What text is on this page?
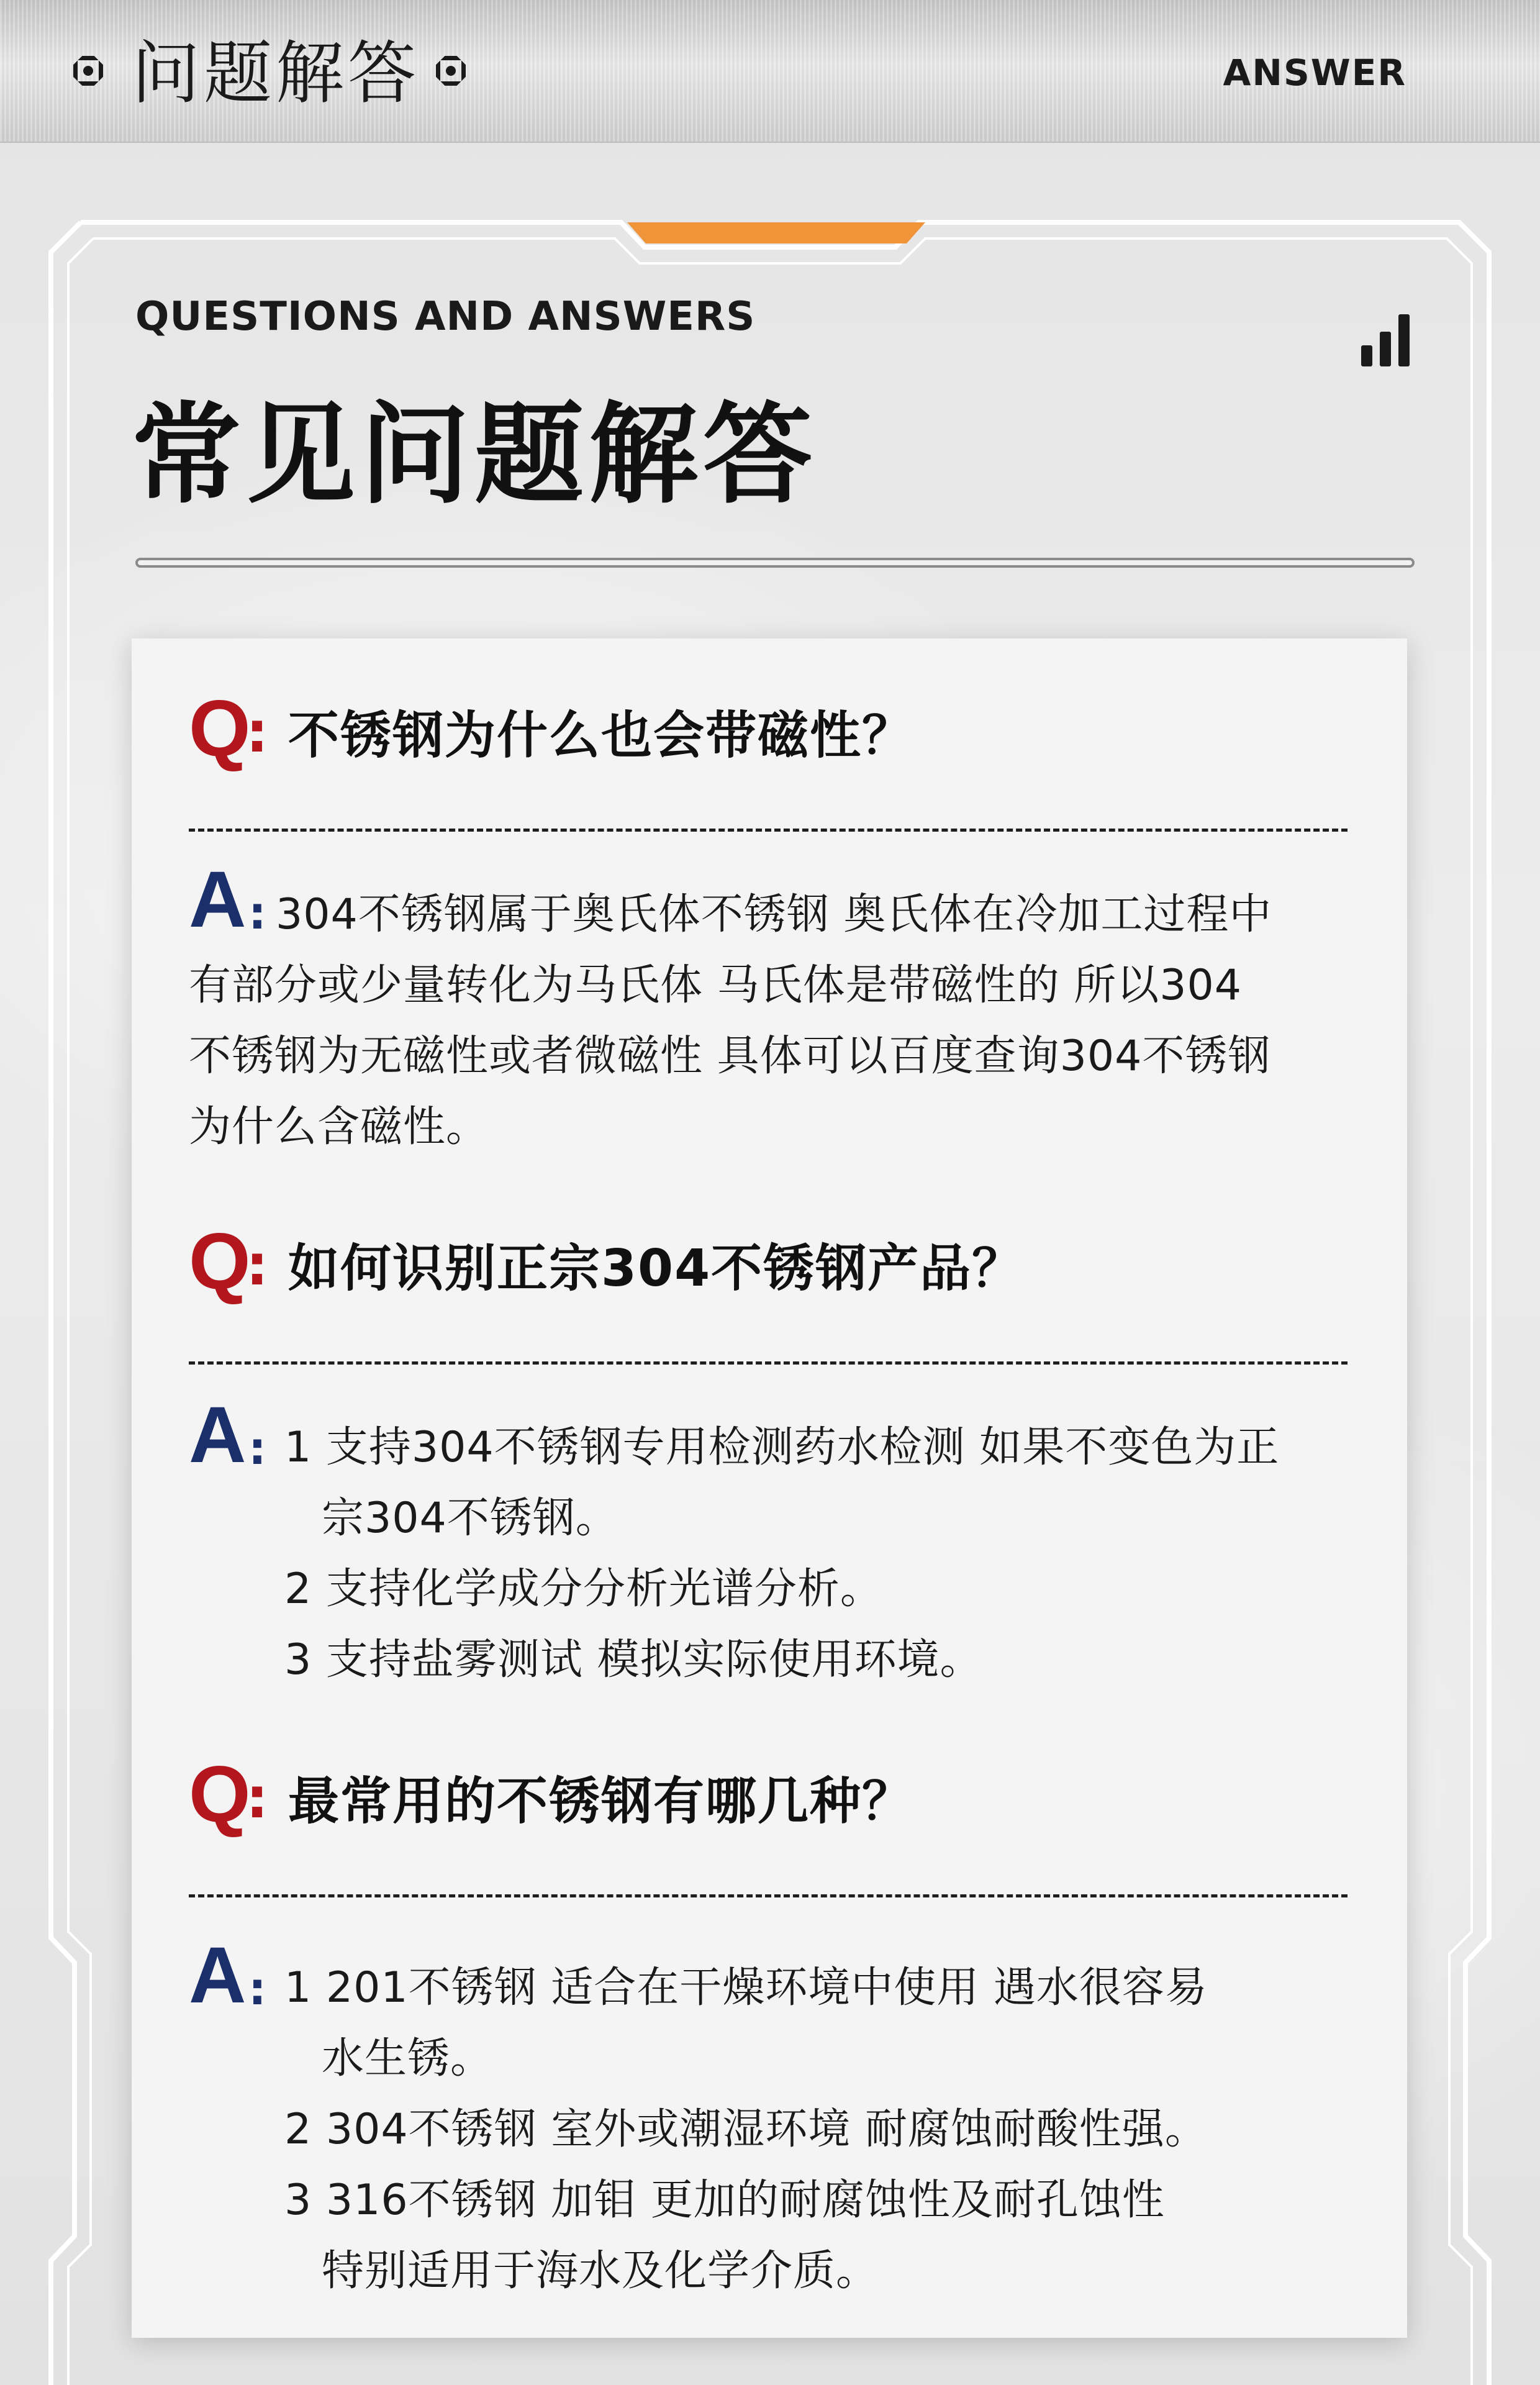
问题解答	ANSWER
QUESTIONS AND ANSWERS
常见问题解答
Q
: 不锈钢为什么也会带磁性？
A : 304不锈钢属于奥氏体不锈钢 奥氏体在冷加工过程中
有部分或少量转化为马氏体 马氏体是带磁性的 所以304
不锈钢为无磁性或者微磁性 具体可以百度查询304不锈钢
为什么含磁性。
Q
: 如何识别正宗304不锈钢产品？
A : 1 支持304不锈钢专用检测药水检测 如果不变色为正
宗304不锈钢。
2 支持化学成分分析光谱分析。
3 支持盐雾测试 模拟实际使用环境。
Q
: 最常用的不锈钢有哪几种？
A : 1 201不锈钢 适合在干燥环境中使用 遇水很容易
水生锈。
2 304不锈钢 室外或潮湿环境 耐腐蚀耐酸性强。
3 316不锈钢 加钼 更加的耐腐蚀性及耐孔蚀性
特别适用于海水及化学介质。
